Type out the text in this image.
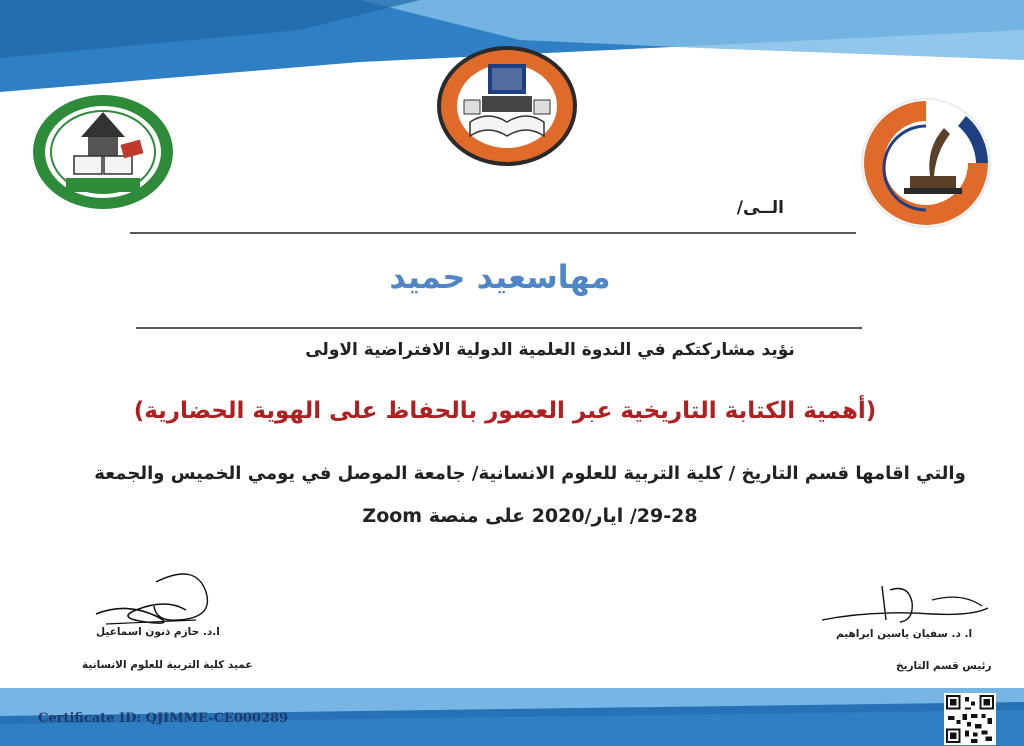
الــى/
مهاسعيد حميد
نؤيد مشاركتكم في الندوة العلمية الدولية الافتراضية الاولى
(أهمية الكتابة التاريخية عبر العصور بالحفاظ على الهوية الحضارية)
والتي اقامها قسم التاريخ / كلية التربية للعلوم الانسانية/ جامعة الموصل في يومي الخميس والجمعة
29-28/ ايار/2020 على منصة Zoom
ا.د. حازم ذنون اسماعيل
عميد كلية التربية للعلوم الانسانية
ا. د. سفيان ياسين ابراهيم
رئيس قسم التاريخ
Certificate ID: QJIMME-CE000289
